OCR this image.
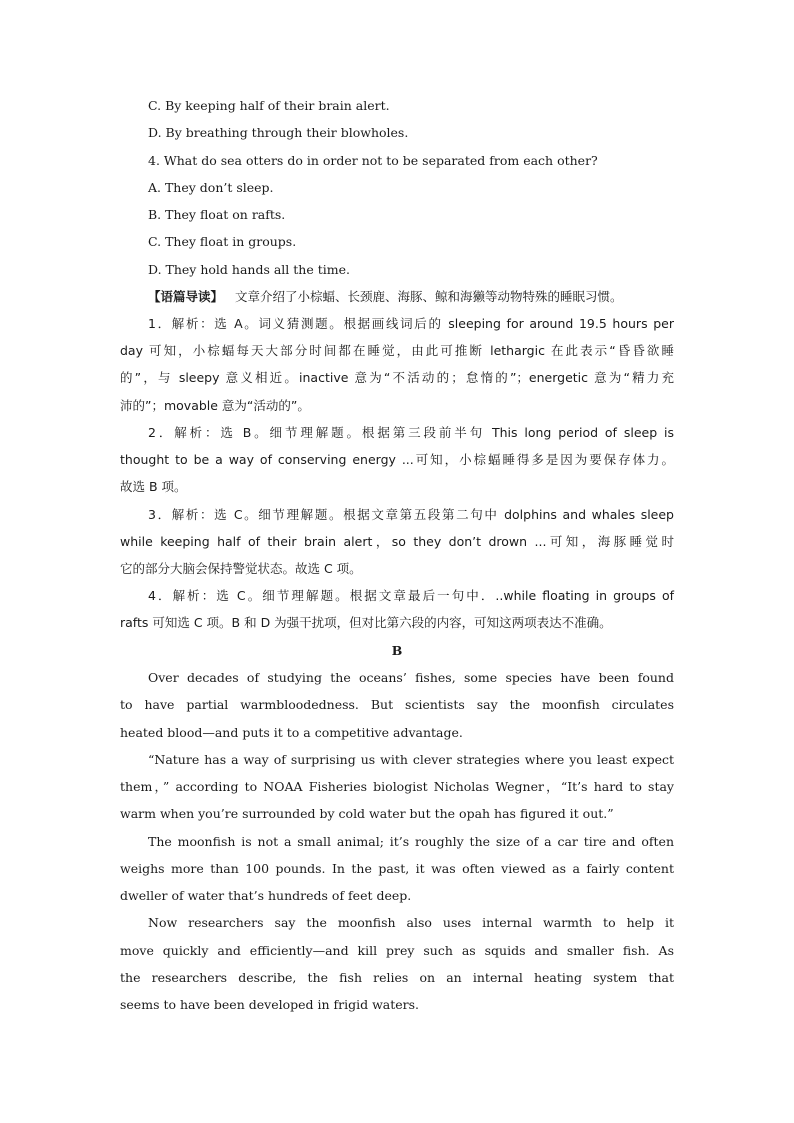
C. By keeping half of their brain alert.
D. By breathing through their blowholes.
4. What do sea otters do in order not to be separated from each other?
A. They don’t sleep.
B. They float on rafts.
C. They float in groups.
D. They hold hands all the time.
【语篇导读】 文章介绍了小棕蝠、长颈鹿、海豚、鲸和海獭等动物特殊的睡眠习惯。
1．解析：选 A。词义猜测题。根据画线词后的 sleeping for around 19.5 hours per
day 可知，小棕蝠每天大部分时间都在睡觉，由此可推断 lethargic 在此表示“昏昏欲睡
的”，与 sleepy 意义相近。inactive 意为“不活动的；怠惰的”；energetic 意为“精力充
沛的”；movable 意为“活动的”。
2．解析：选 B。细节理解题。根据第三段前半句 This long period of sleep is
thought to be a way of conserving energy ...可知，小棕蝠睡得多是因为要保存体力。
故选 B 项。
3．解析：选 C。细节理解题。根据文章第五段第二句中 dolphins and whales sleep
while keeping half of their brain alert，so they don’t drown ...可知，海豚睡觉时
它的部分大脑会保持警觉状态。故选 C 项。
4．解析：选 C。细节理解题。根据文章最后一句中．..while floating in groups of
rafts 可知选 C 项。B 和 D 为强干扰项，但对比第六段的内容，可知这两项表达不准确。
B
Over decades of studying the oceans’ fishes, some species have been found
to have partial warmbloodedness. But scientists say the moonfish circulates
heated blood—and puts it to a competitive advantage.
“Nature has a way of surprising us with clever strategies where you least expect
them，” according to NOAA Fisheries biologist Nicholas Wegner，“It’s hard to stay
warm when you’re surrounded by cold water but the opah has figured it out.”
The moonfish is not a small animal; it’s roughly the size of a car tire and often
weighs more than 100 pounds. In the past, it was often viewed as a fairly content
dweller of water that’s hundreds of feet deep.
Now researchers say the moonfish also uses internal warmth to help it
move quickly and efficiently—and kill prey such as squids and smaller fish. As
the researchers describe, the fish relies on an internal heating system that
seems to have been developed in frigid waters.
